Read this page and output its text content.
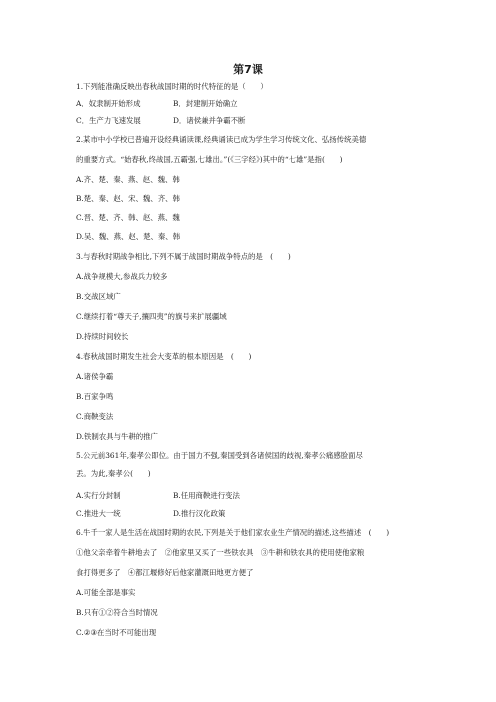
第7课
1.下列能准确反映出春秋战国时期的时代特征的是（　　）
A．奴隶制开始形成	B．封建制开始确立
C．生产力飞速发展	D．诸侯兼并争霸不断
2.某市中小学校已普遍开设经典诵读课,经典诵读已成为学生学习传统文化、弘扬传统美德
的重要方式。“始春秋,终战国,五霸强,七雄出。”(《三字经》)其中的“七雄”是指(　　)
A.齐、楚、秦、燕、赵、魏、韩
B.楚、秦、赵、宋、魏、齐、韩
C.晋、楚、齐、韩、赵、燕、魏
D.吴、魏、燕、赵、楚、秦、韩
3.与春秋时期战争相比,下列不属于战国时期战争特点的是　(　　)
A.战争规模大,参战兵力较多
B.交战区域广
C.继续打着“尊天子,攘四夷”的旗号来扩展疆域
D.持续时间较长
4.春秋战国时期发生社会大变革的根本原因是　(　　)
A.诸侯争霸
B.百家争鸣
C.商鞅变法
D.铁制农具与牛耕的推广
5.公元前361年,秦孝公即位。由于国力不强,秦国受到各诸侯国的歧视,秦孝公痛感脸面尽
丢。为此,秦孝公(　　)
A.实行分封制	B.任用商鞅进行变法
C.推进大一统	D.推行汉化政策
6.牛千一家人是生活在战国时期的农民,下列是关于他们家农业生产情况的描述,这些描述　(　　)
①他父亲牵着牛耕地去了　②他家里又买了一些铁农具　③牛耕和铁农具的使用使他家粮
食打得更多了　④都江堰修好后他家灌溉田地更方便了
A.可能全部是事实
B.只有①②符合当时情况
C.②③在当时不可能出现
